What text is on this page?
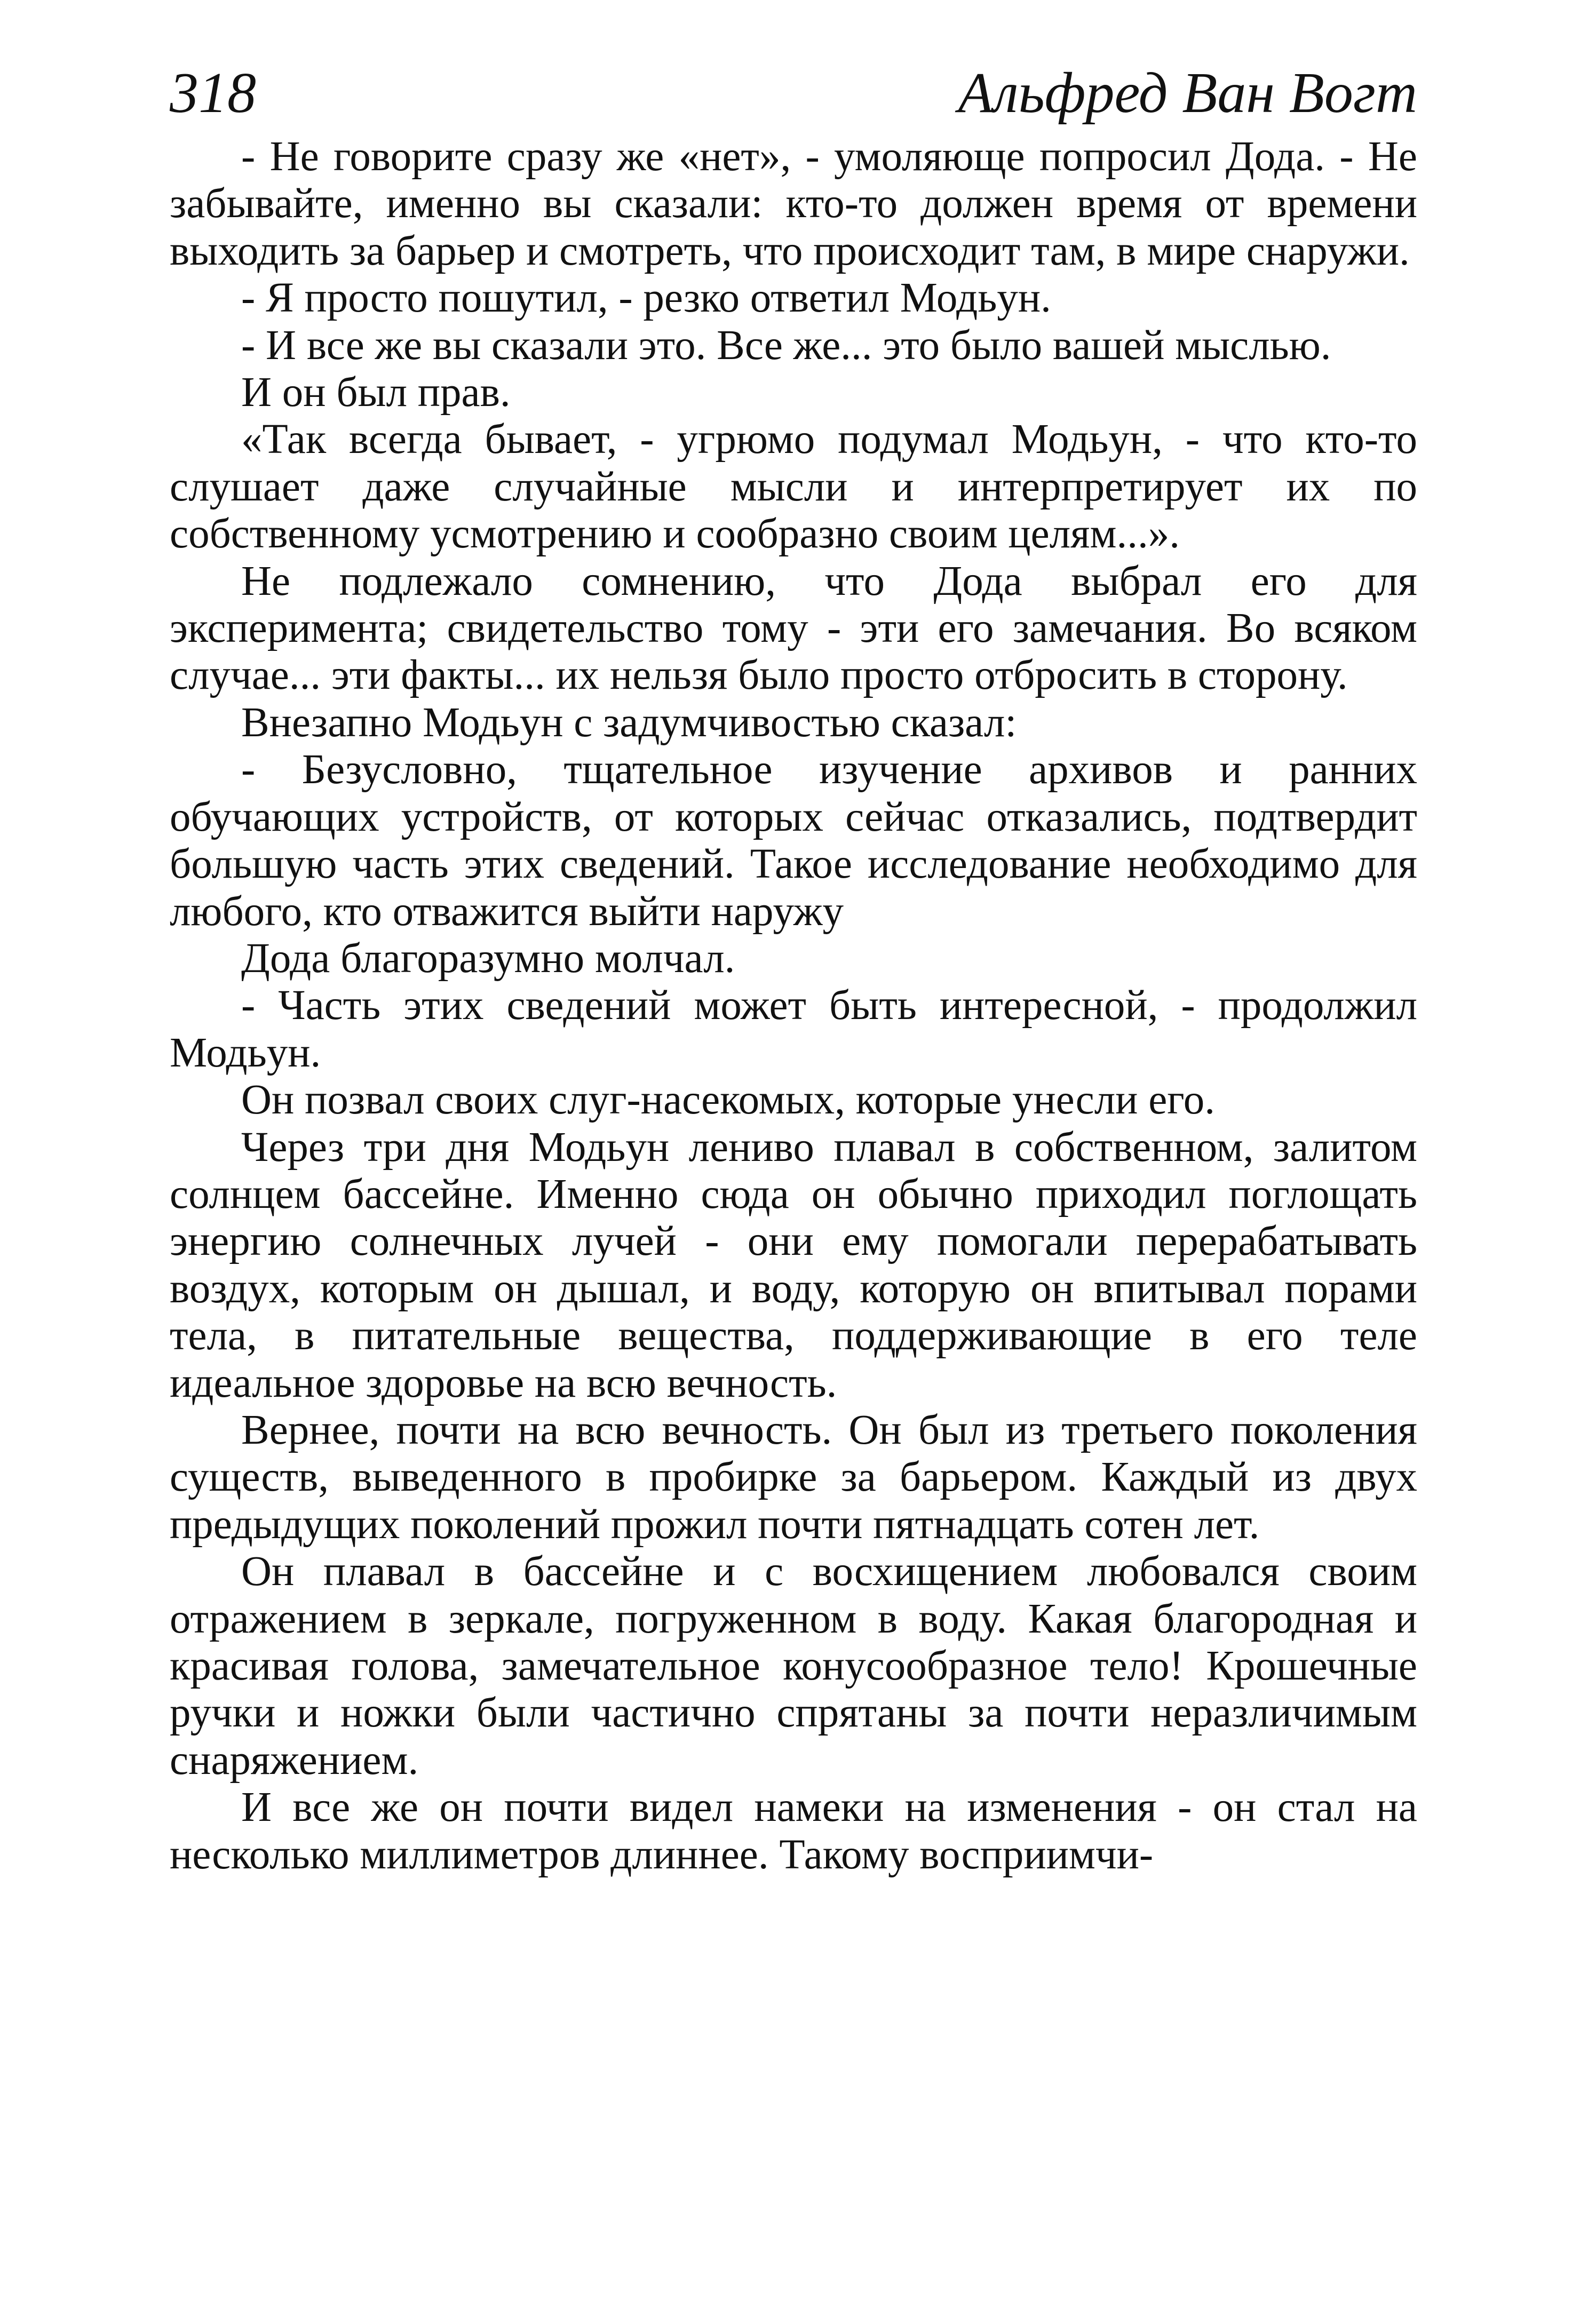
318	Альфред Ван Вогт

- Не говорите сразу же «нет», - умоляюще попросил Дода. - Не забывайте, именно вы сказали: кто-то должен время от времени выходить за барьер и смотреть, что происходит там, в мире снаружи.

- Я просто пошутил, - резко ответил Модьун.

- И все же вы сказали это. Все же... это было вашей мыслью.

И он был прав.

«Так всегда бывает, - угрюмо подумал Модьун, - что кто-то слушает даже случайные мысли и интерпретирует их по собственному усмотрению и сообразно своим целям...».

Не подлежало сомнению, что Дода выбрал его для эксперимента; свидетельство тому - эти его замечания. Во всяком случае... эти факты... их нельзя было просто отбросить в сторону.

Внезапно Модьун с задумчивостью сказал:

- Безусловно, тщательное изучение архивов и ранних обучающих устройств, от которых сейчас отказались, подтвердит большую часть этих сведений. Такое исследование необходимо для любого, кто отважится выйти наружу

Дода благоразумно молчал.

- Часть этих сведений может быть интересной, - продолжил Модьун.

Он позвал своих слуг-насекомых, которые унесли его.

Через три дня Модьун лениво плавал в собственном, залитом солнцем бассейне. Именно сюда он обычно приходил поглощать энергию солнечных лучей - они ему помогали перерабатывать воздух, которым он дышал, и воду, которую он впитывал порами тела, в питательные вещества, поддерживающие в его теле идеальное здоровье на всю вечность.

Вернее, почти на всю вечность. Он был из третьего поколения существ, выведенного в пробирке за барьером. Каждый из двух предыдущих поколений прожил почти пятнадцать сотен лет.

Он плавал в бассейне и с восхищением любовался своим отражением в зеркале, погруженном в воду. Какая благородная и красивая голова, замечательное конусообразное тело! Крошечные ручки и ножки были частично спрятаны за почти неразличимым снаряжением.

И все же он почти видел намеки на изменения - он стал на несколько миллиметров длиннее. Такому восприимчи-
